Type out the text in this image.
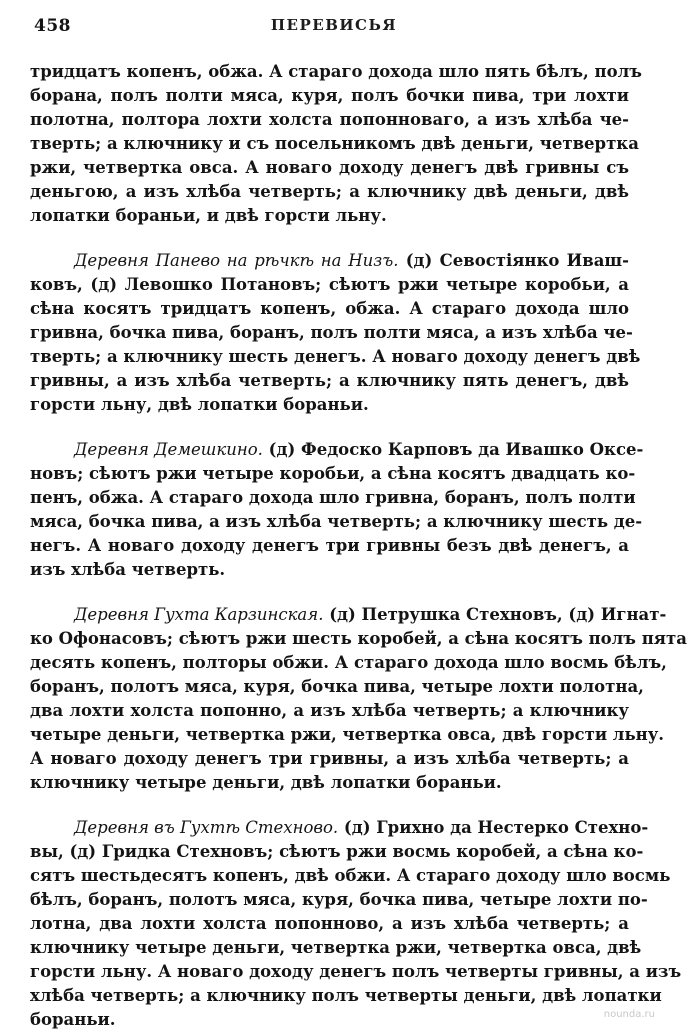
458	ПЕРЕВИСЬЯ
тридцатъ копенъ, обжа. А стараго дохода шло пять бѣлъ, полъ
борана, полъ полти мяса, куря, полъ бочки пива, три лохти
полотна, полтора лохти холста попонноваго, а изъ хлѣба че-
тверть; а ключнику и съ посельникомъ двѣ деньги, четвертка
ржи, четвертка овса. А новаго доходу денегъ двѣ гривны съ
деньгою, а изъ хлѣба четверть; а ключнику двѣ деньги, двѣ
лопатки бораньи, и двѣ горсти льну.
Деревня Панево на рѣчкѣ на Низъ. (д) Севостіянко Иваш-
ковъ, (д) Левошко Потановъ; сѣютъ ржи четыре коробьи, а
сѣна косятъ тридцатъ копенъ, обжа. А стараго дохода шло
гривна, бочка пива, боранъ, полъ полти мяса, а изъ хлѣба че-
тверть; а ключнику шесть денегъ. А новаго доходу денегъ двѣ
гривны, а изъ хлѣба четверть; а ключнику пять денегъ, двѣ
горсти льну, двѣ лопатки бораньи.
Деревня Демешкино. (д) Федоско Карповъ да Ивашко Оксе-
новъ; сѣютъ ржи четыре коробьи, а сѣна косятъ двадцать ко-
пенъ, обжа. А стараго дохода шло гривна, боранъ, полъ полти
мяса, бочка пива, а изъ хлѣба четверть; а ключнику шесть де-
негъ. А новаго доходу денегъ три гривны безъ двѣ денегъ, а
изъ хлѣба четверть.
Деревня Гухта Карзинская. (д) Петрушка Стехновъ, (д) Игнат-
ко Офонасовъ; сѣютъ ржи шесть коробей, а сѣна косятъ полъ пята
десять копенъ, полторы обжи. А стараго дохода шло восмь бѣлъ,
боранъ, полотъ мяса, куря, бочка пива, четыре лохти полотна,
два лохти холста попонно, а изъ хлѣба четверть; а ключнику
четыре деньги, четвертка ржи, четвертка овса, двѣ горсти льну.
А новаго доходу денегъ три гривны, а изъ хлѣба четверть; а
ключнику четыре деньги, двѣ лопатки бораньи.
Деревня въ Гухтѣ Стехново. (д) Грихно да Нестерко Стехно-
вы, (д) Гридка Стехновъ; сѣютъ ржи восмь коробей, а сѣна ко-
сятъ шестьдесятъ копенъ, двѣ обжи. А стараго доходу шло восмь
бѣлъ, боранъ, полотъ мяса, куря, бочка пива, четыре лохти по-
лотна, два лохти холста попонново, а изъ хлѣба четверть; а
ключнику четыре деньги, четвертка ржи, четвертка овса, двѣ
горсти льну. А новаго доходу денегъ полъ четверты гривны, а изъ
хлѣба четверть; а ключнику полъ четверты деньги, двѣ лопатки
бораньи.	nounda.ru
